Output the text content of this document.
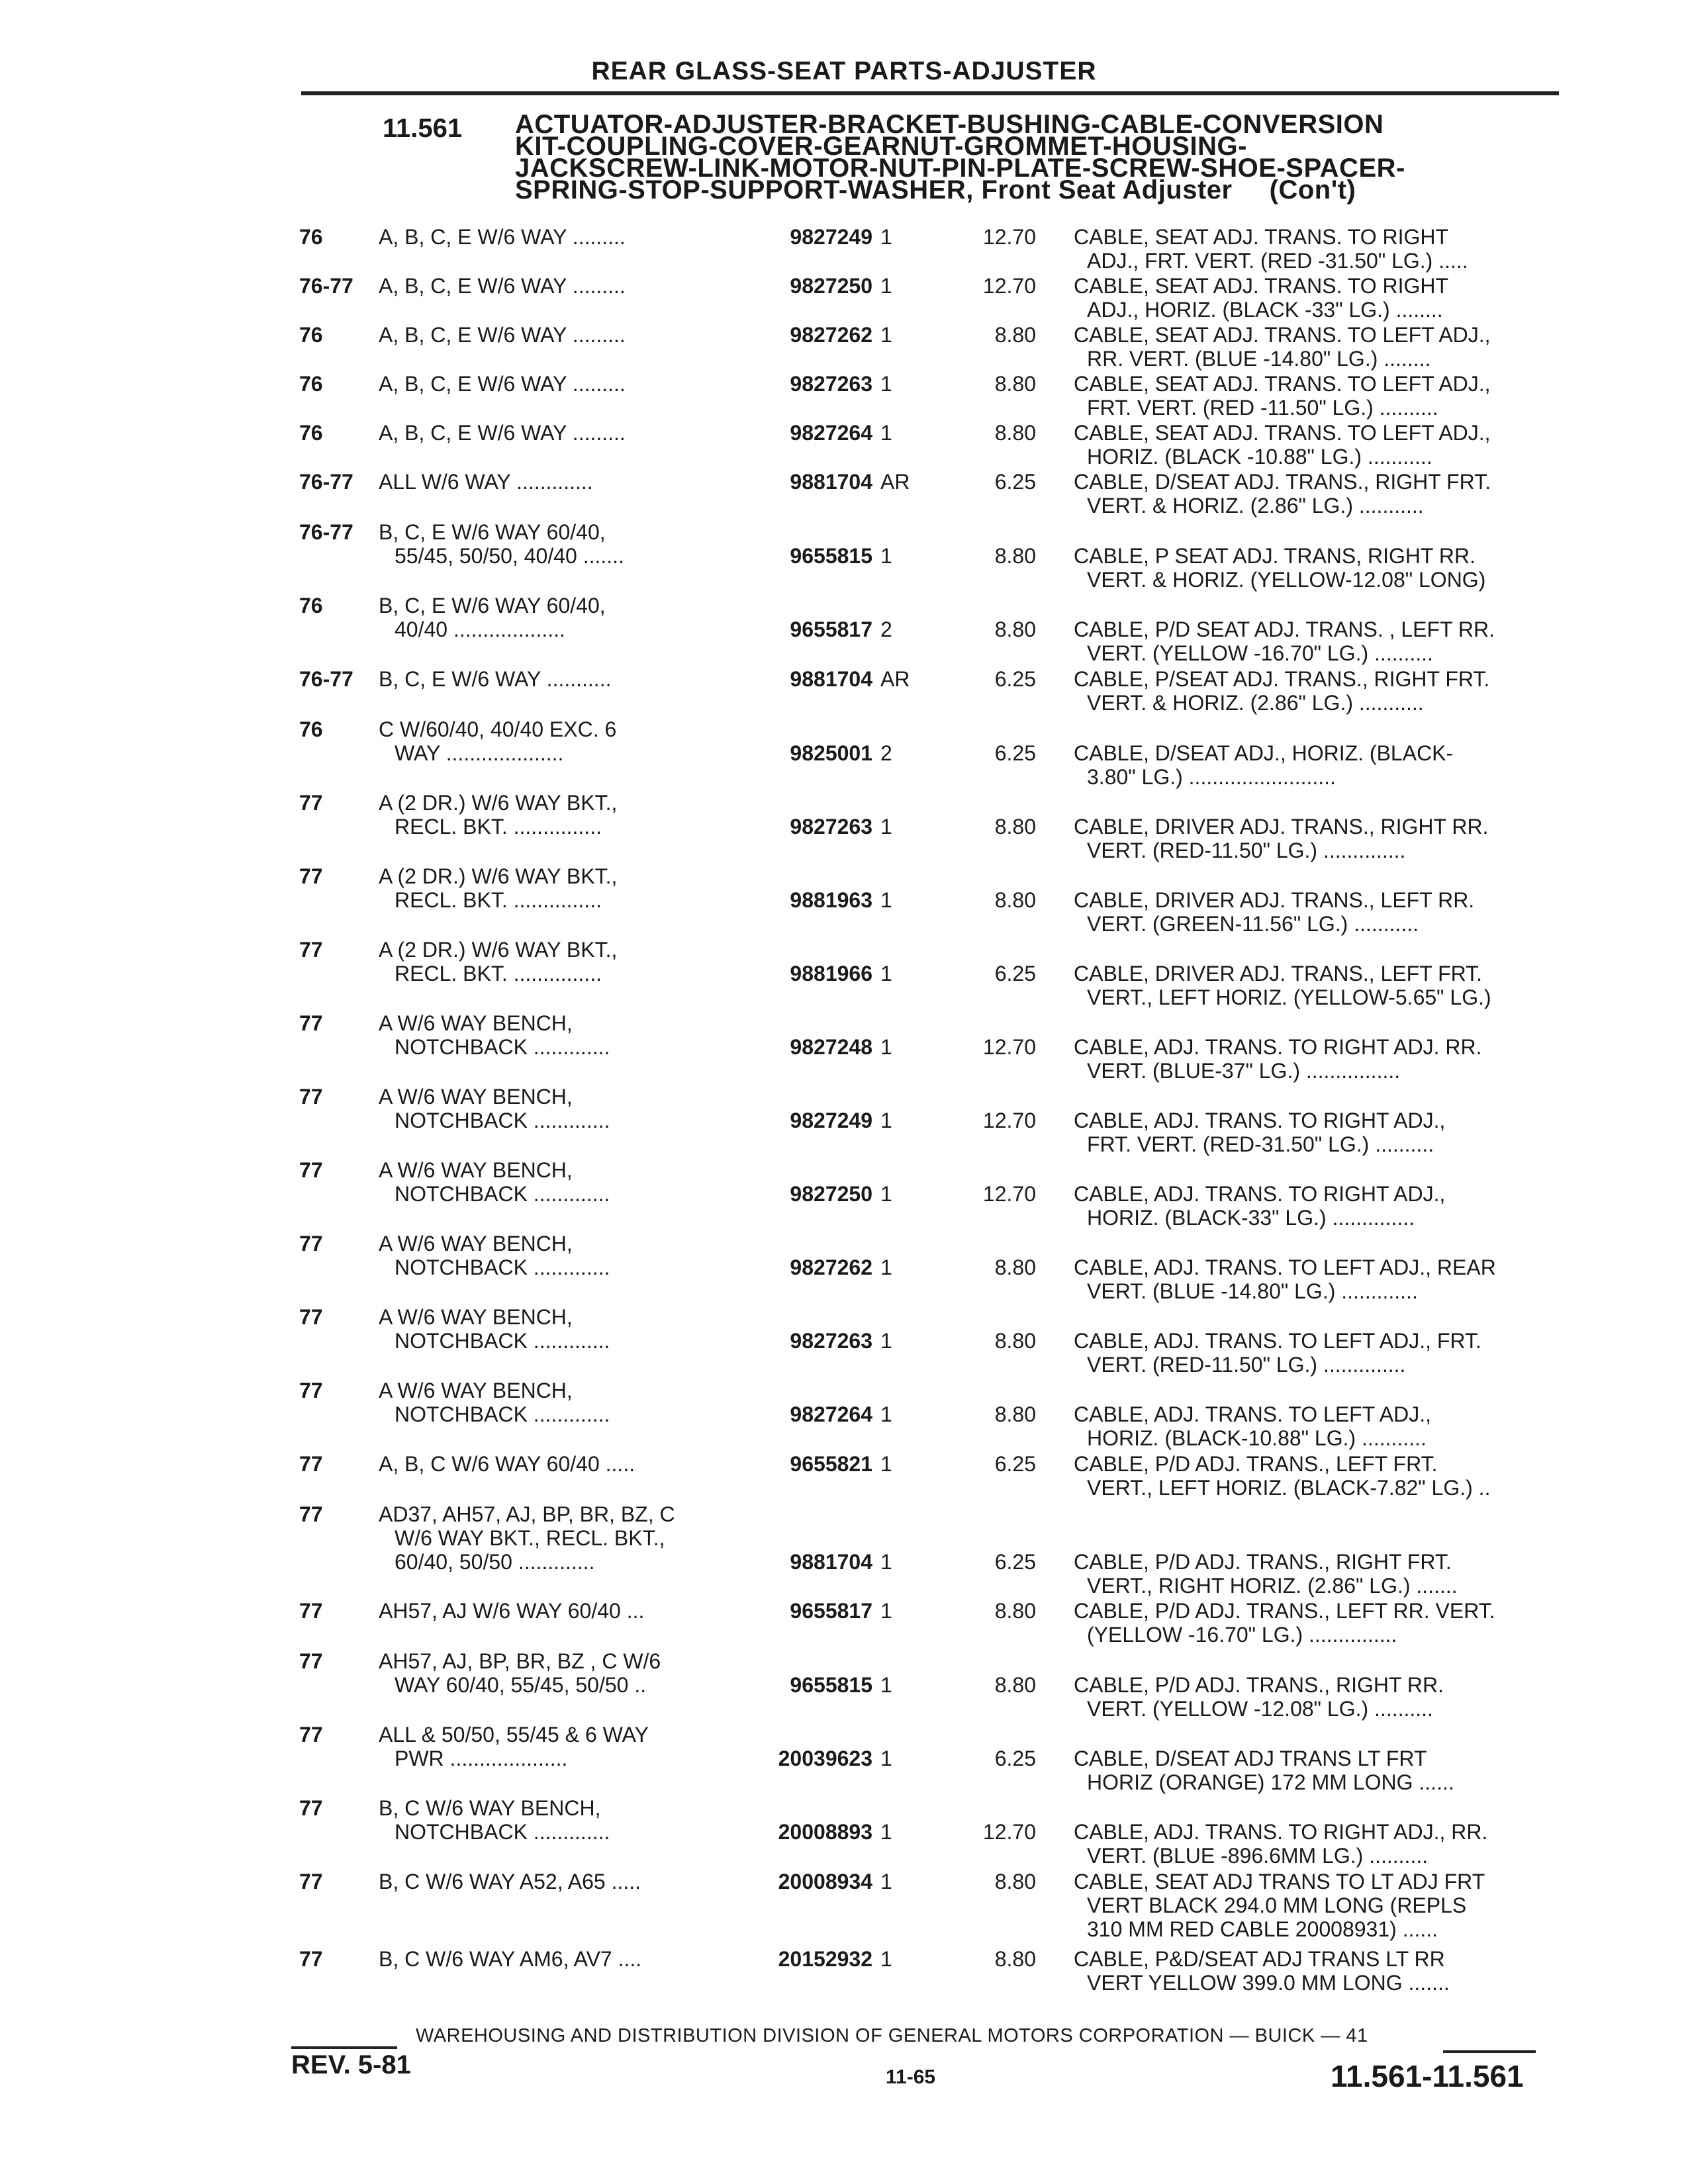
REAR GLASS-SEAT PARTS-ADJUSTER
11.561 ACTUATOR-ADJUSTER-BRACKET-BUSHING-CABLE-CONVERSION
KIT-COUPLING-COVER-GEARNUT-GROMMET-HOUSING-
JACKSCREW-LINK-MOTOR-NUT-PIN-PLATE-SCREW-SHOE-SPACER-
SPRING-STOP-SUPPORT-WASHER, Front Seat Adjuster (Con't)
76	A, B, C, E W/6 WAY .........	9827249 1	12.70 CABLE, SEAT ADJ. TRANS. TO RIGHT
ADJ., FRT. VERT. (RED -31.50" LG.) .....
76-77 A, B, C, E W/6 WAY .........	9827250 1	12.70 CABLE, SEAT ADJ. TRANS. TO RIGHT
ADJ., HORIZ. (BLACK -33" LG.) ........
76	A, B, C, E W/6 WAY .........	9827262 1	8.80 CABLE, SEAT ADJ. TRANS. TO LEFT ADJ.,
RR. VERT. (BLUE -14.80" LG.) ........
76	A, B, C, E W/6 WAY .........	9827263 1	8.80 CABLE, SEAT ADJ. TRANS. TO LEFT ADJ.,
FRT. VERT. (RED -11.50" LG.) ..........
76	A, B, C, E W/6 WAY .........	9827264 1	8.80 CABLE, SEAT ADJ. TRANS. TO LEFT ADJ.,
HORIZ. (BLACK -10.88" LG.) ...........
76-77 ALL W/6 WAY .............	9881704 AR	6.25 CABLE, D/SEAT ADJ. TRANS., RIGHT FRT.
VERT. & HORIZ. (2.86" LG.) ...........
76-77 B, C, E W/6 WAY 60/40,
55/45, 50/50, 40/40 .......	9655815 1	8.80 CABLE, P SEAT ADJ. TRANS, RIGHT RR.
VERT. & HORIZ. (YELLOW-12.08" LONG)
76	B, C, E W/6 WAY 60/40,
40/40 ...................	9655817 2	8.80 CABLE, P/D SEAT ADJ. TRANS. , LEFT RR.
VERT. (YELLOW -16.70" LG.) ..........
76-77 B, C, E W/6 WAY ...........	9881704 AR	6.25 CABLE, P/SEAT ADJ. TRANS., RIGHT FRT.
VERT. & HORIZ. (2.86" LG.) ...........
76	C W/60/40, 40/40 EXC. 6
WAY ....................	9825001 2	6.25 CABLE, D/SEAT ADJ., HORIZ. (BLACK-
3.80" LG.) .........................
77	A (2 DR.) W/6 WAY BKT.,
RECL. BKT. ...............	9827263 1	8.80 CABLE, DRIVER ADJ. TRANS., RIGHT RR.
VERT. (RED-11.50" LG.) ..............
77	A (2 DR.) W/6 WAY BKT.,
RECL. BKT. ...............	9881963 1	8.80 CABLE, DRIVER ADJ. TRANS., LEFT RR.
VERT. (GREEN-11.56" LG.) ...........
77	A (2 DR.) W/6 WAY BKT.,
RECL. BKT. ...............	9881966 1	6.25 CABLE, DRIVER ADJ. TRANS., LEFT FRT.
VERT., LEFT HORIZ. (YELLOW-5.65" LG.)
77	A W/6 WAY BENCH,
NOTCHBACK .............	9827248 1	12.70 CABLE, ADJ. TRANS. TO RIGHT ADJ. RR.
VERT. (BLUE-37" LG.) ................
77	A W/6 WAY BENCH,
NOTCHBACK .............	9827249 1	12.70 CABLE, ADJ. TRANS. TO RIGHT ADJ.,
FRT. VERT. (RED-31.50" LG.) ..........
77	A W/6 WAY BENCH,
NOTCHBACK .............	9827250 1	12.70 CABLE, ADJ. TRANS. TO RIGHT ADJ.,
HORIZ. (BLACK-33" LG.) ..............
77	A W/6 WAY BENCH,
NOTCHBACK .............	9827262 1	8.80 CABLE, ADJ. TRANS. TO LEFT ADJ., REAR
VERT. (BLUE -14.80" LG.) .............
77	A W/6 WAY BENCH,
NOTCHBACK .............	9827263 1	8.80 CABLE, ADJ. TRANS. TO LEFT ADJ., FRT.
VERT. (RED-11.50" LG.) ..............
77	A W/6 WAY BENCH,
NOTCHBACK .............	9827264 1	8.80 CABLE, ADJ. TRANS. TO LEFT ADJ.,
HORIZ. (BLACK-10.88" LG.) ...........
77	A, B, C W/6 WAY 60/40 .....	9655821 1	6.25 CABLE, P/D ADJ. TRANS., LEFT FRT.
VERT., LEFT HORIZ. (BLACK-7.82" LG.) ..
77	AD37, AH57, AJ, BP, BR, BZ, C
W/6 WAY BKT., RECL. BKT.,
60/40, 50/50 .............	9881704 1	6.25 CABLE, P/D ADJ. TRANS., RIGHT FRT.
VERT., RIGHT HORIZ. (2.86" LG.) .......
77	AH57, AJ W/6 WAY 60/40 ...	9655817 1	8.80 CABLE, P/D ADJ. TRANS., LEFT RR. VERT.
(YELLOW -16.70" LG.) ...............
77	AH57, AJ, BP, BR, BZ , C W/6
WAY 60/40, 55/45, 50/50 ..	9655815 1	8.80 CABLE, P/D ADJ. TRANS., RIGHT RR.
VERT. (YELLOW -12.08" LG.) ..........
77	ALL & 50/50, 55/45 & 6 WAY
PWR ....................	20039623 1	6.25 CABLE, D/SEAT ADJ TRANS LT FRT
HORIZ (ORANGE) 172 MM LONG ......
77	B, C W/6 WAY BENCH,
NOTCHBACK .............	20008893 1	12.70 CABLE, ADJ. TRANS. TO RIGHT ADJ., RR.
VERT. (BLUE -896.6MM LG.) ..........
77	B, C W/6 WAY A52, A65 .....	20008934 1	8.80 CABLE, SEAT ADJ TRANS TO LT ADJ FRT
VERT BLACK 294.0 MM LONG (REPLS
310 MM RED CABLE 20008931) ......
77	B, C W/6 WAY AM6, AV7 ....	20152932 1	8.80 CABLE, P&D/SEAT ADJ TRANS LT RR
VERT YELLOW 399.0 MM LONG .......
WAREHOUSING AND DISTRIBUTION DIVISION OF GENERAL MOTORS CORPORATION — BUICK — 41
REV. 5-81	11-65	11.561-11.561
